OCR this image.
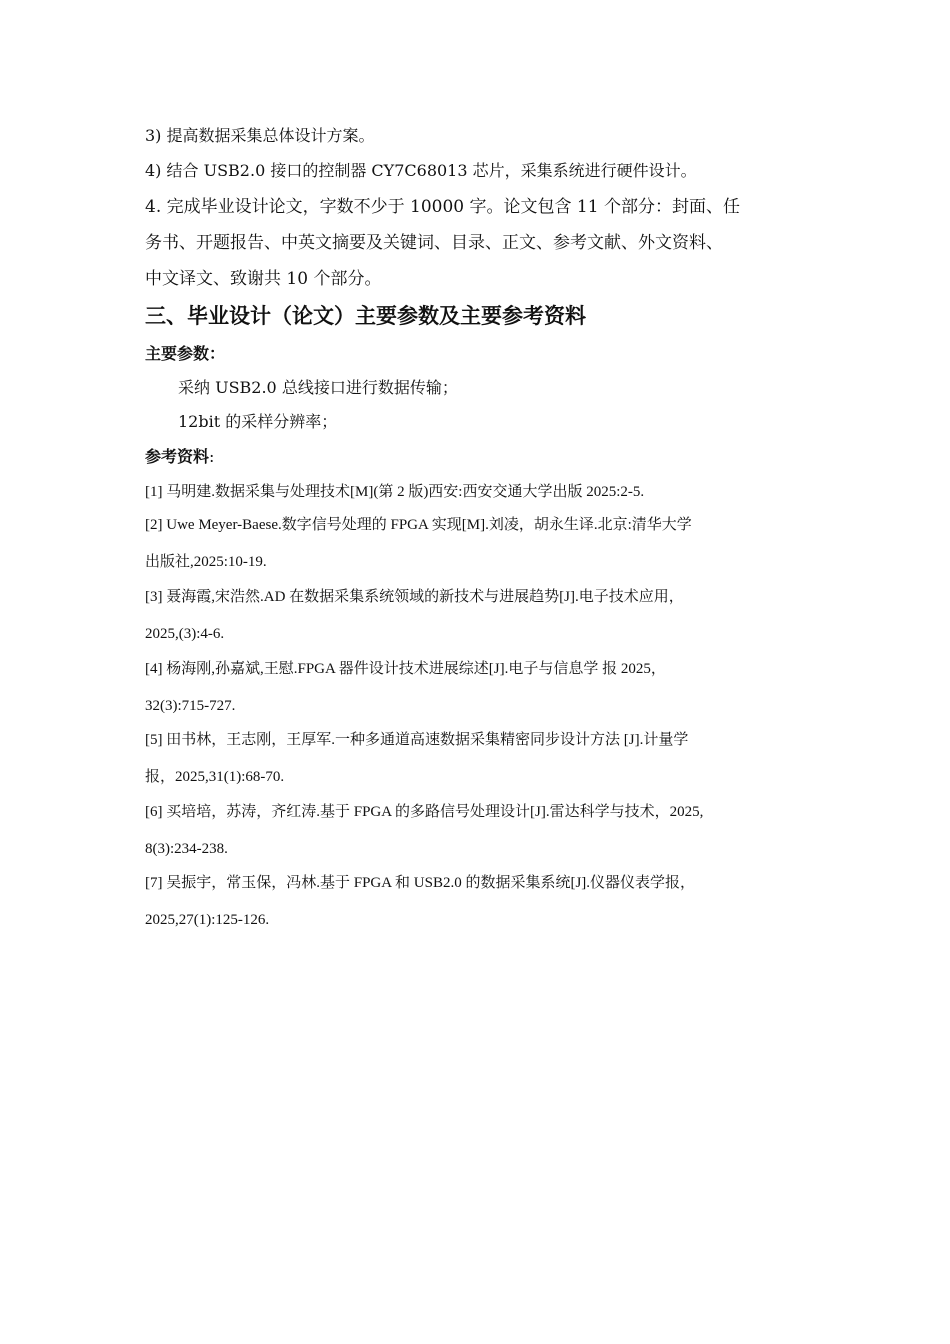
3) 提高数据采集总体设计方案。
4) 结合 USB2.0 接口的控制器 CY7C68013 芯片，采集系统进行硬件设计。
4. 完成毕业设计论文，字数不少于 10000 字。论文包含 11 个部分：封面、任
务书、开题报告、中英文摘要及关键词、目录、正文、参考文献、外文资料、
中文译文、致谢共 10 个部分。
三、毕业设计（论文）主要参数及主要参考资料
主要参数：
采纳 USB2.0 总线接口进行数据传输；
12bit 的采样分辨率；
参考资料:
[1] 马明建.数据采集与处理技术[M](第 2 版)西安:西安交通大学出版 2025:2-5.
[2] Uwe Meyer-Baese.数字信号处理的 FPGA 实现[M].刘凌，胡永生译.北京:清华大学
出版社,2025:10-19.
[3] 聂海霞,宋浩然.AD 在数据采集系统领域的新技术与进展趋势[J].电子技术应用，
2025,(3):4-6.
[4] 杨海刚,孙嘉斌,王慰.FPGA 器件设计技术进展综述[J].电子与信息学 报 2025，
32(3):715-727.
[5] 田书林，王志刚，王厚军.一种多通道高速数据采集精密同步设计方法 [J].计量学
报，2025,31(1):68-70.
[6] 买培培，苏涛，齐红涛.基于 FPGA 的多路信号处理设计[J].雷达科学与技术，2025,
8(3):234-238.
[7] 吴振宇，常玉保，冯林.基于 FPGA 和 USB2.0 的数据采集系统[J].仪器仪表学报，
2025,27(1):125-126.
